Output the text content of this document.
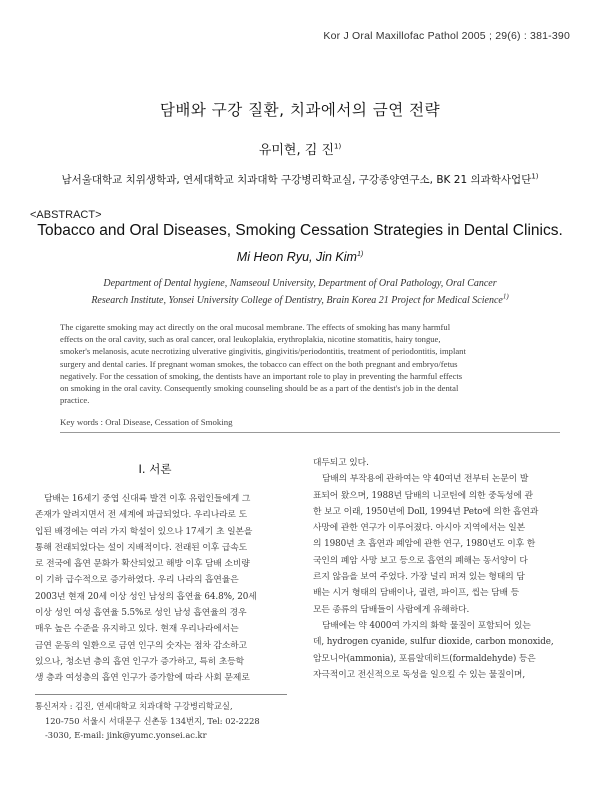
Kor J Oral Maxillofac Pathol 2005 ; 29(6) : 381-390
담배와 구강 질환, 치과에서의 금연 전략
유미현, 김 진$^{1)}$
남서울대학교 치위생학과, 연세대학교 치과대학 구강병리학교실, 구강종양연구소, BK 21 의과학사업단$^{1)}$
<ABSTRACT>
Tobacco and Oral Diseases, Smoking Cessation Strategies in Dental Clinics.
Mi Heon Ryu, Jin Kim$^{1)}$
Department of Dental hygiene, Namseoul University, Department of Oral Pathology, Oral Cancer
Research Institute, Yonsei University College of Dentistry, Brain Korea 21 Project for Medical Science$^{1)}$
The cigarette smoking may act directly on the oral mucosal membrane. The effects of smoking has many harmful
effects on the oral cavity, such as oral cancer, oral leukoplakia, erythroplakia, nicotine stomatitis, hairy tongue,
smoker's melanosis, acute necrotizing ulverative gingivitis, gingivitis/periodontitis, treatment of periodontitis, implant
surgery and dental caries. If pregnant woman smokes, the tobacco can effect on the both pregnant and embryo/fetus
negatively. For the cessation of smoking, the dentists have an important role to play in preventing the harmful effects
on smoking in the oral cavity. Consequently smoking counseling should be as a part of the dentist's job in the dental
practice.
Key words : Oral Disease, Cessation of Smoking
Ⅰ. 서론
담배는 16세기 중엽 신대륙 발견 이후 유럽인들에게 그
존재가 알려지면서 전 세계에 파급되었다. 우리나라로 도
입된 배경에는 여러 가지 학설이 있으나 17세기 초 일본을
통해 전래되었다는 설이 지배적이다. 전래된 이후 급속도
로 전국에 흡연 문화가 확산되었고 해방 이후 담배 소비량
이 기하 급수적으로 증가하였다. 우리 나라의 흡연율은
2003년 현재 20세 이상 성인 남성의 흡연율 64.8%, 20세
이상 성인 여성 흡연율 5.5%로 성인 남성 흡연율의 경우
매우 높은 수준을 유지하고 있다. 현재 우리나라에서는
금연 운동의 일환으로 금연 인구의 숫자는 점차 감소하고
있으나, 청소년 층의 흡연 인구가 증가하고, 특히 초등학
생 층과 여성층의 흡연 인구가 증가함에 따라 사회 문제로
대두되고 있다.
담배의 부작용에 관하여는 약 40여년 전부터 논문이 발
표되어 왔으며, 1988년 담배의 니코틴에 의한 중독성에 관
한 보고 이래, 1950년에 Doll, 1994년 Peto에 의한 흡연과
사망에 관한 연구가 이루어졌다. 아시아 지역에서는 일본
의 1980년 초 흡연과 폐암에 관한 연구, 1980년도 이후 한
국인의 폐암 사망 보고 등으로 흡연의 폐해는 동서양이 다
르지 않음을 보여 주었다. 가장 널리 퍼져 있는 형태의 담
배는 시거 형태의 담배이나, 궐련, 파이프, 씹는 담배 등
모든 종류의 담배들이 사람에게 유해하다.
담배에는 약 4000여 가지의 화학 물질이 포함되어 있는
데, hydrogen cyanide, sulfur dioxide, carbon monoxide,
암모니아(ammonia), 포름알데히드(formaldehyde) 등은
자극적이고 전신적으로 독성을 일으킬 수 있는 물질이며,
통신저자 : 김진, 연세대학교 치과대학 구강병리학교실,
120-750 서울시 서대문구 신촌동 134번지, Tel: 02-2228
-3030, E-mail: jink@yumc.yonsei.ac.kr
